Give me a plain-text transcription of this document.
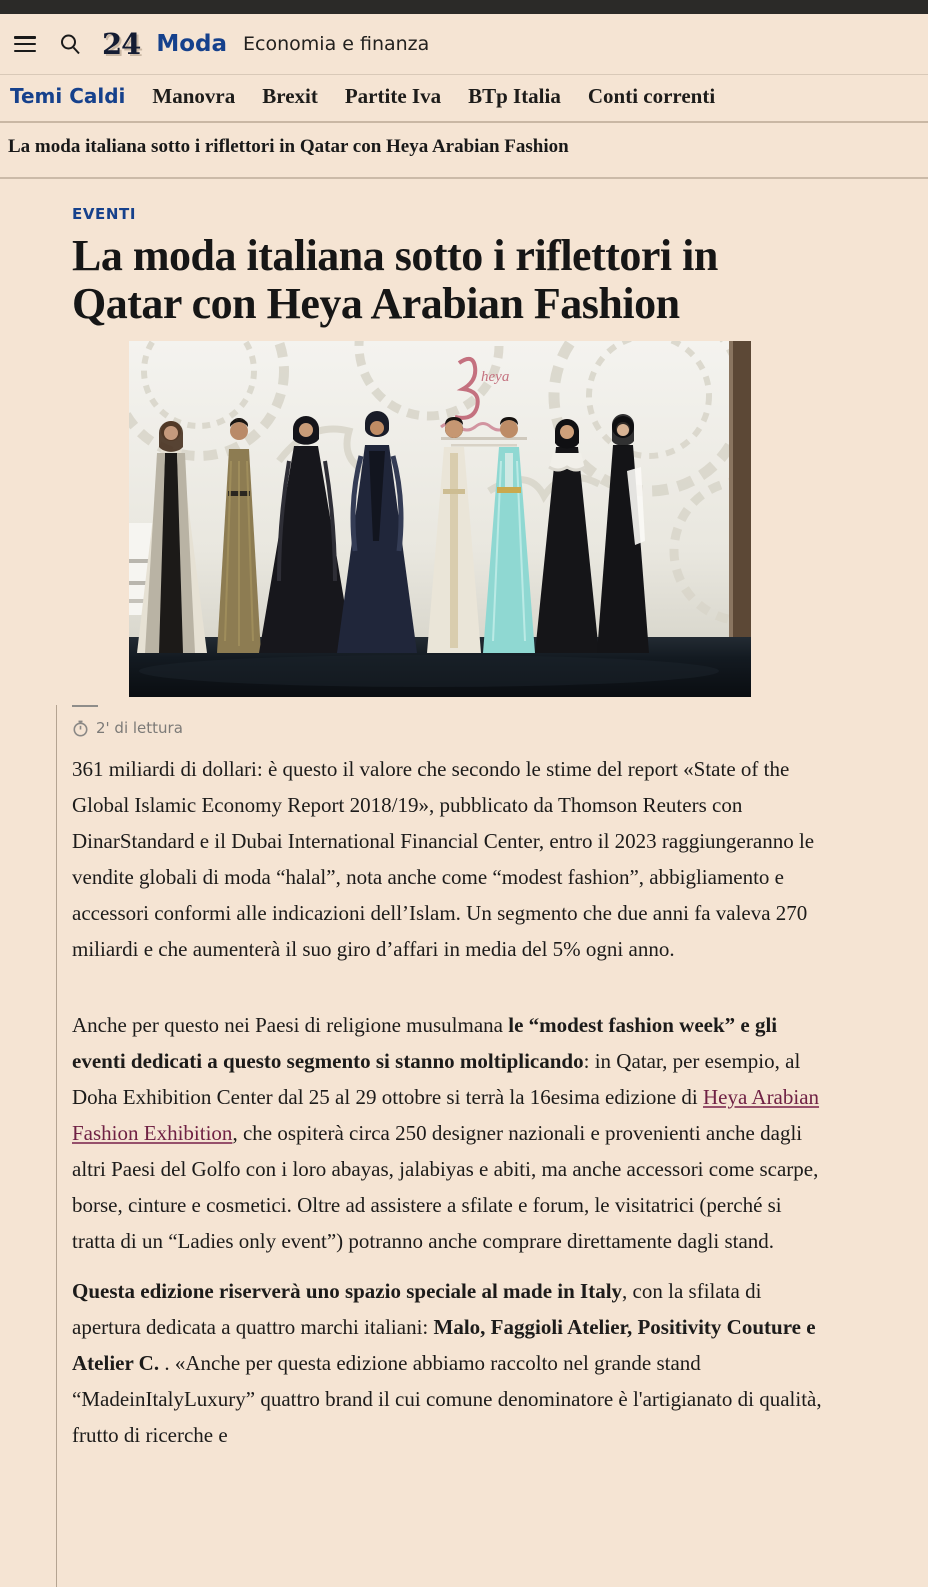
24 Moda Economia e finanza
Temi Caldi Manovra Brexit Partite Iva BTp Italia Conti correnti
La moda italiana sotto i riflettori in Qatar con Heya Arabian Fashion
EVENTI
La moda italiana sotto i riflettori in Qatar con Heya Arabian Fashion
heya
2' di lettura

361 miliardi di dollari: è questo il valore che secondo le stime del report «State of the Global Islamic Economy Report 2018/19», pubblicato da Thomson Reuters con DinarStandard e il Dubai International Financial Center, entro il 2023 raggiungeranno le vendite globali di moda “halal”, nota anche come “modest fashion”, abbigliamento e accessori conformi alle indicazioni dell’Islam. Un segmento che due anni fa valeva 270 miliardi e che aumenterà il suo giro d’affari in media del 5% ogni anno.

Anche per questo nei Paesi di religione musulmana le “modest fashion week” e gli eventi dedicati a questo segmento si stanno moltiplicando: in Qatar, per esempio, al Doha Exhibition Center dal 25 al 29 ottobre si terrà la 16esima edizione di Heya Arabian Fashion Exhibition, che ospiterà circa 250 designer nazionali e provenienti anche dagli altri Paesi del Golfo con i loro abayas, jalabiyas e abiti, ma anche accessori come scarpe, borse, cinture e cosmetici. Oltre ad assistere a sfilate e forum, le visitatrici (perché si tratta di un “Ladies only event”) potranno anche comprare direttamente dagli stand.

Questa edizione riserverà uno spazio speciale al made in Italy, con la sfilata di apertura dedicata a quattro marchi italiani: Malo, Faggioli Atelier, Positivity Couture e Atelier C. . «Anche per questa edizione abbiamo raccolto nel grande stand “MadeinItalyLuxury” quattro brand il cui comune denominatore è l'artigianato di qualità, frutto di ricerche e
